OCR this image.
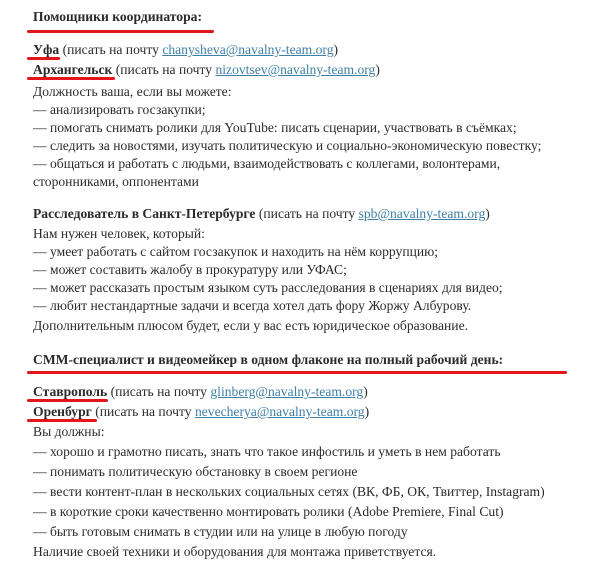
Помощники координатора:
Уфа (писать на почту chanysheva@navalny-team.org)
Архангельск (писать на почту nizovtsev@navalny-team.org)
Должность ваша, если вы можете:
— анализировать госзакупки;
— помогать снимать ролики для YouTube: писать сценарии, участвовать в съёмках;
— следить за новостями, изучать политическую и социально-экономическую повестку;
— общаться и работать с людьми, взаимодействовать с коллегами, волонтерами,
сторонниками, оппонентами
Расследователь в Санкт-Петербурге (писать на почту spb@navalny-team.org)
Нам нужен человек, который:
— умеет работать с сайтом госзакупок и находить на нём коррупцию;
— может составить жалобу в прокуратуру или УФАС;
— может рассказать простым языком суть расследования в сценариях для видео;
— любит нестандартные задачи и всегда хотел дать фору Жоржу Албурову.
Дополнительным плюсом будет, если у вас есть юридическое образование.
СММ-специалист и видеомейкер в одном флаконе на полный рабочий день:
Ставрополь (писать на почту glinberg@navalny-team.org)
Оренбург (писать на почту nevecherya@navalny-team.org)
Вы должны:
— хорошо и грамотно писать, знать что такое инфостиль и уметь в нем работать
— понимать политическую обстановку в своем регионе
— вести контент-план в нескольких социальных сетях (ВК, ФБ, ОК, Твиттер, Instagram)
— в короткие сроки качественно монтировать ролики (Adobe Premiere, Final Cut)
— быть готовым снимать в студии или на улице в любую погоду
Наличие своей техники и оборудования для монтажа приветствуется.
